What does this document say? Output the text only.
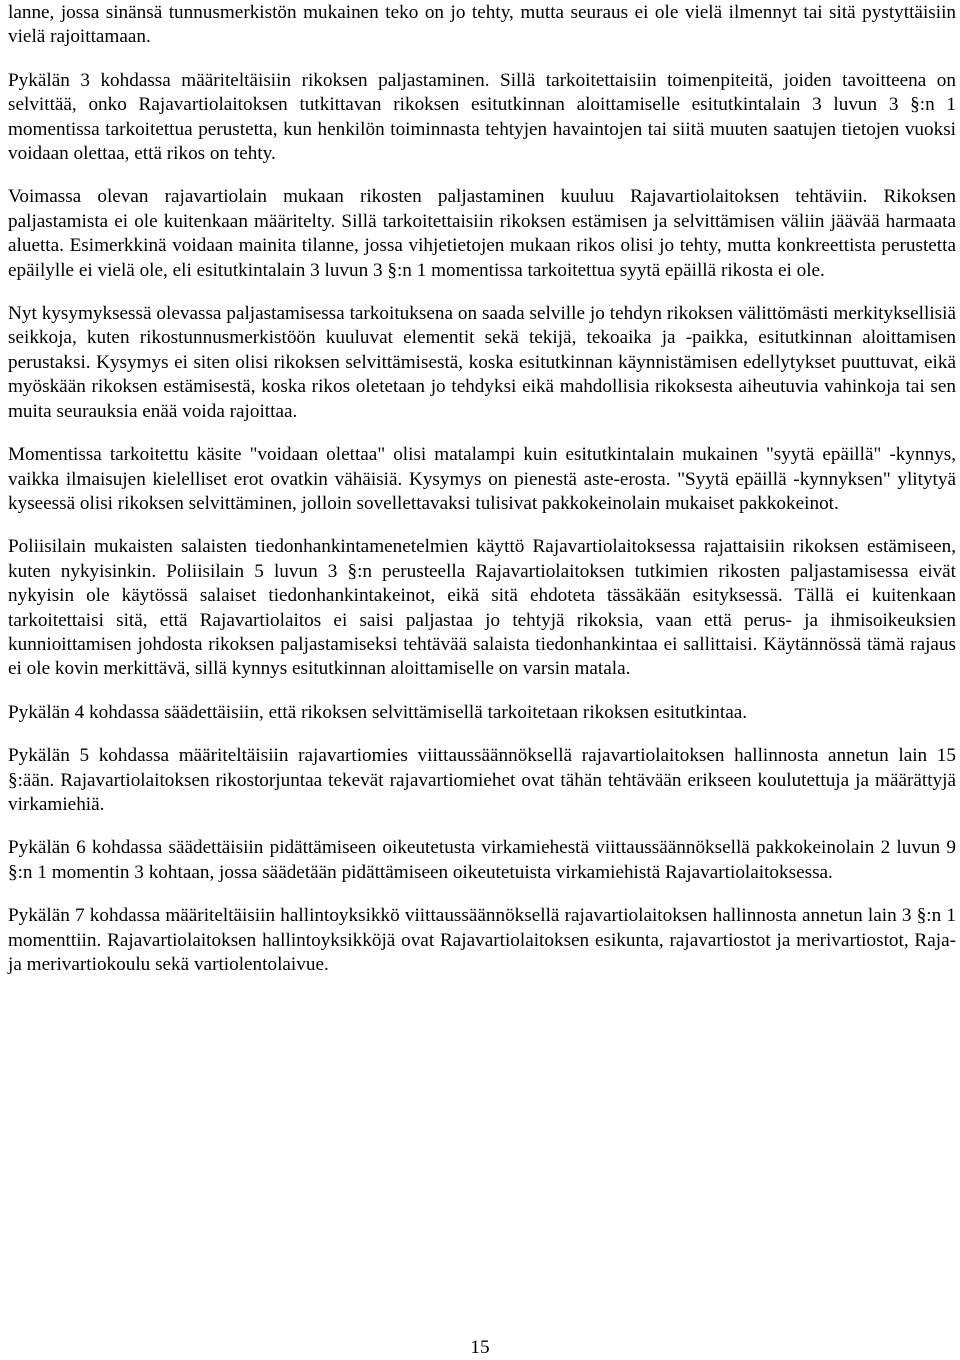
lanne, jossa sinänsä tunnusmerkistön mukainen teko on jo tehty, mutta seuraus ei ole vielä ilmennyt tai sitä pystyttäisiin vielä rajoittamaan.

Pykälän 3 kohdassa määriteltäisiin rikoksen paljastaminen. Sillä tarkoitettaisiin toimenpiteitä, joiden tavoitteena on selvittää, onko Rajavartiolaitoksen tutkittavan rikoksen esitutkinnan aloittamiselle esitutkintalain 3 luvun 3 §:n 1 momentissa tarkoitettua perustetta, kun henkilön toiminnasta tehtyjen havaintojen tai siitä muuten saatujen tietojen vuoksi voidaan olettaa, että rikos on tehty.

Voimassa olevan rajavartiolain mukaan rikosten paljastaminen kuuluu Rajavartiolaitoksen tehtäviin. Rikoksen paljastamista ei ole kuitenkaan määritelty. Sillä tarkoitettaisiin rikoksen estämisen ja selvittämisen väliin jäävää harmaata aluetta. Esimerkkinä voidaan mainita tilanne, jossa vihjetietojen mukaan rikos olisi jo tehty, mutta konkreettista perustetta epäilylle ei vielä ole, eli esitutkintalain 3 luvun 3 §:n 1 momentissa tarkoitettua syytä epäillä rikosta ei ole.

Nyt kysymyksessä olevassa paljastamisessa tarkoituksena on saada selville jo tehdyn rikoksen välittömästi merkityksellisiä seikkoja, kuten rikostunnusmerkistöön kuuluvat elementit sekä tekijä, tekoaika ja -paikka, esitutkinnan aloittamisen perustaksi. Kysymys ei siten olisi rikoksen selvittämisestä, koska esitutkinnan käynnistämisen edellytykset puuttuvat, eikä myöskään rikoksen estämisestä, koska rikos oletetaan jo tehdyksi eikä mahdollisia rikoksesta aiheutuvia vahinkoja tai sen muita seurauksia enää voida rajoittaa.

Momentissa tarkoitettu käsite "voidaan olettaa" olisi matalampi kuin esitutkintalain mukainen "syytä epäillä" -kynnys, vaikka ilmaisujen kielelliset erot ovatkin vähäisiä. Kysymys on pienestä aste-erosta. "Syytä epäillä -kynnyksen" ylitytyä kyseessä olisi rikoksen selvittäminen, jolloin sovellettavaksi tulisivat pakkokeinolain mukaiset pakkokeinot.

Poliisilain mukaisten salaisten tiedonhankintamenetelmien käyttö Rajavartiolaitoksessa rajattaisiin rikoksen estämiseen, kuten nykyisinkin. Poliisilain 5 luvun 3 §:n perusteella Rajavartiolaitoksen tutkimien rikosten paljastamisessa eivät nykyisin ole käytössä salaiset tiedonhankintakeinot, eikä sitä ehdoteta tässäkään esityksessä. Tällä ei kuitenkaan tarkoitettaisi sitä, että Rajavartiolaitos ei saisi paljastaa jo tehtyjä rikoksia, vaan että perus- ja ihmisoikeuksien kunnioittamisen johdosta rikoksen paljastamiseksi tehtävää salaista tiedonhankintaa ei sallittaisi. Käytännössä tämä rajaus ei ole kovin merkittävä, sillä kynnys esitutkinnan aloittamiselle on varsin matala.

Pykälän 4 kohdassa säädettäisiin, että rikoksen selvittämisellä tarkoitetaan rikoksen esitutkintaa.

Pykälän 5 kohdassa määriteltäisiin rajavartiomies viittaussäännöksellä rajavartiolaitoksen hallinnosta annetun lain 15 §:ään. Rajavartiolaitoksen rikostorjuntaa tekevät rajavartiomiehet ovat tähän tehtävään erikseen koulutettuja ja määrättyjä virkamiehiä.

Pykälän 6 kohdassa säädettäisiin pidättämiseen oikeutetusta virkamiehestä viittaussäännöksellä pakkokeinolain 2 luvun 9 §:n 1 momentin 3 kohtaan, jossa säädetään pidättämiseen oikeutetuista virkamiehistä Rajavartiolaitoksessa.

Pykälän 7 kohdassa määriteltäisiin hallintoyksikkö viittaussäännöksellä rajavartiolaitoksen hallinnosta annetun lain 3 §:n 1 momenttiin. Rajavartiolaitoksen hallintoyksikköjä ovat Rajavartiolaitoksen esikunta, rajavartiostot ja merivartiostot, Raja- ja merivartiokoulu sekä vartiolentolaivue.

15
